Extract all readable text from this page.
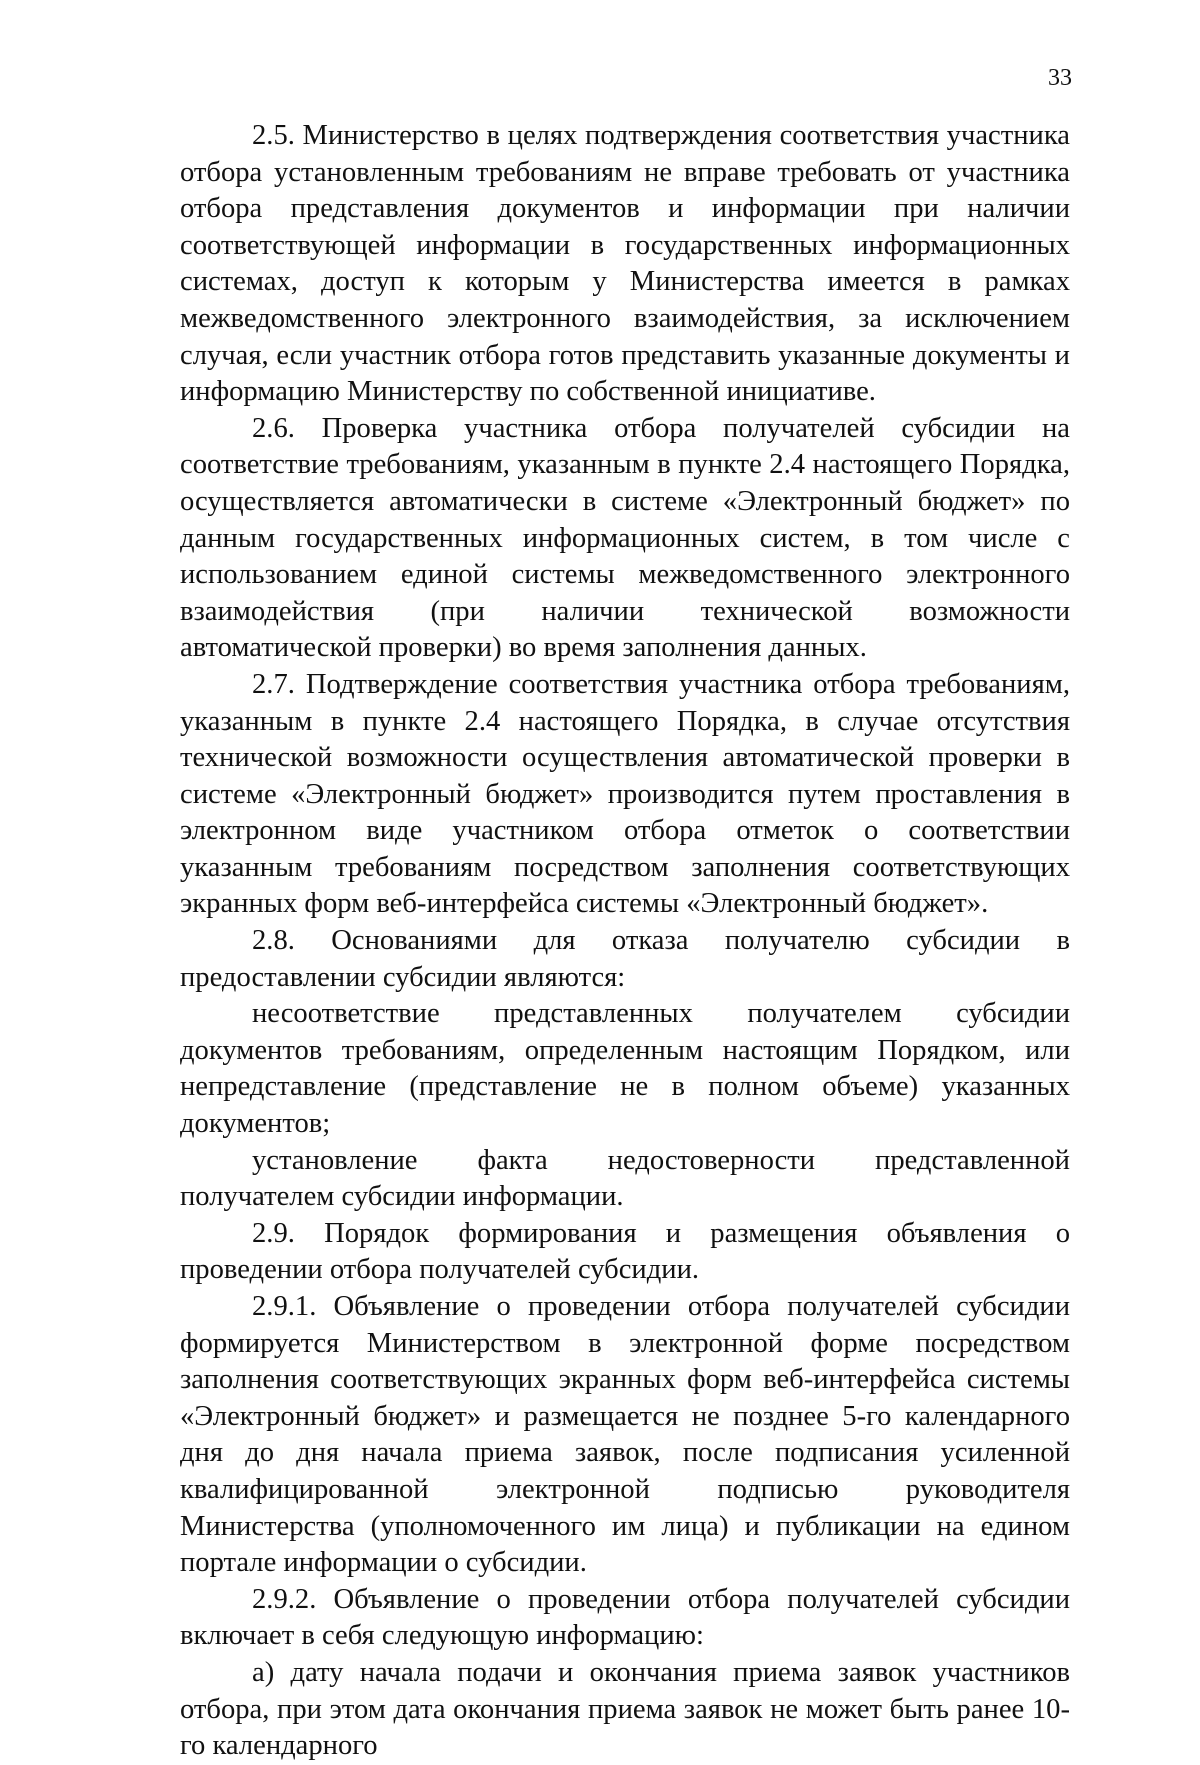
33

2.5. Министерство в целях подтверждения соответствия участника отбора установленным требованиям не вправе требовать от участника отбора представления документов и информации при наличии соответствующей информации в государственных информационных системах, доступ к которым у Министерства имеется в рамках межведомственного электронного взаимодействия, за исключением случая, если участник отбора готов представить указанные документы и информацию Министерству по собственной инициативе.

2.6. Проверка участника отбора получателей субсидии на соответствие требованиям, указанным в пункте 2.4 настоящего Порядка, осуществляется автоматически в системе «Электронный бюджет» по данным государственных информационных систем, в том числе с использованием единой системы межведомственного электронного взаимодействия (при наличии технической возможности автоматической проверки) во время заполнения данных.

2.7. Подтверждение соответствия участника отбора требованиям, указанным в пункте 2.4 настоящего Порядка, в случае отсутствия технической возможности осуществления автоматической проверки в системе «Электронный бюджет» производится путем проставления в электронном виде участником отбора отметок о соответствии указанным требованиям посредством заполнения соответствующих экранных форм веб-интерфейса системы «Электронный бюджет».

2.8. Основаниями для отказа получателю субсидии в предоставлении субсидии являются:

несоответствие представленных получателем субсидии документов требованиям, определенным настоящим Порядком, или непредставление (представление не в полном объеме) указанных документов;

установление факта недостоверности представленной получателем субсидии информации.

2.9. Порядок формирования и размещения объявления о проведении отбора получателей субсидии.

2.9.1. Объявление о проведении отбора получателей субсидии формируется Министерством в электронной форме посредством заполнения соответствующих экранных форм веб-интерфейса системы «Электронный бюджет» и размещается не позднее 5-го календарного дня до дня начала приема заявок, после подписания усиленной квалифицированной электронной подписью руководителя Министерства (уполномоченного им лица) и публикации на едином портале информации о субсидии.

2.9.2. Объявление о проведении отбора получателей субсидии включает в себя следующую информацию:

а) дату начала подачи и окончания приема заявок участников отбора, при этом дата окончания приема заявок не может быть ранее 10-го календарного
